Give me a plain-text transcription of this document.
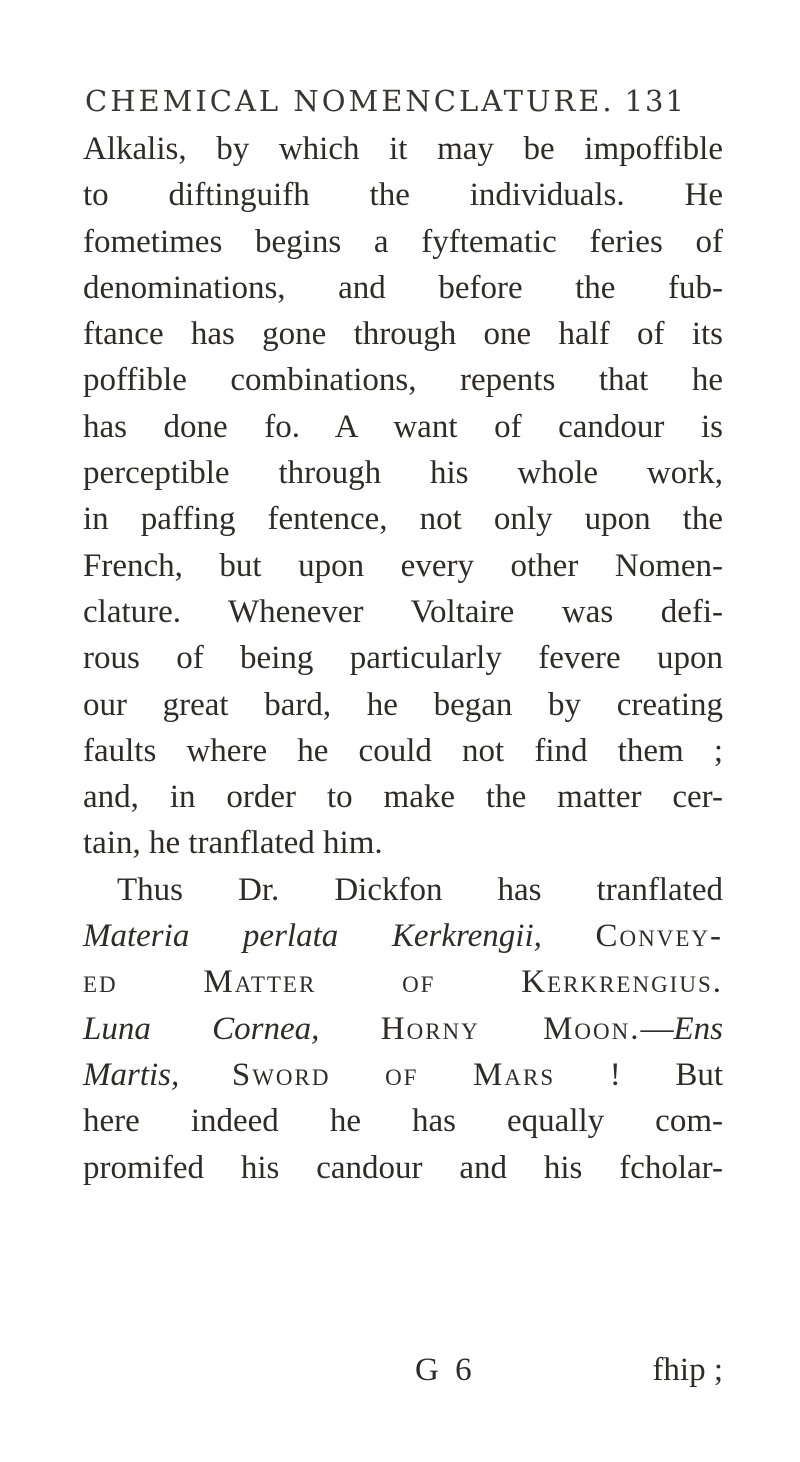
CHEMICAL NOMENCLATURE. 131
Alkalis, by which it may be impoffible
to diftinguifh the individuals. He
fometimes begins a fyftematic feries of
denominations, and before the fub-
ftance has gone through one half of its
poffible combinations, repents that he
has done fo. A want of candour is
perceptible through his whole work,
in paffing fentence, not only upon the
French, but upon every other Nomen-
clature. Whenever Voltaire was defi-
rous of being particularly fevere upon
our great bard, he began by creating
faults where he could not find them ;
and, in order to make the matter cer-
tain, he tranflated him.
Thus Dr. Dickfon has tranflated
Materia perlata Kerkrengii, Convey-
ed Matter of Kerkrengius.
Luna Cornea, Horny Moon.—Ens
Martis, Sword of Mars ! But
here indeed he has equally com-
promifed his candour and his fcholar-
G 6	fhip ;
